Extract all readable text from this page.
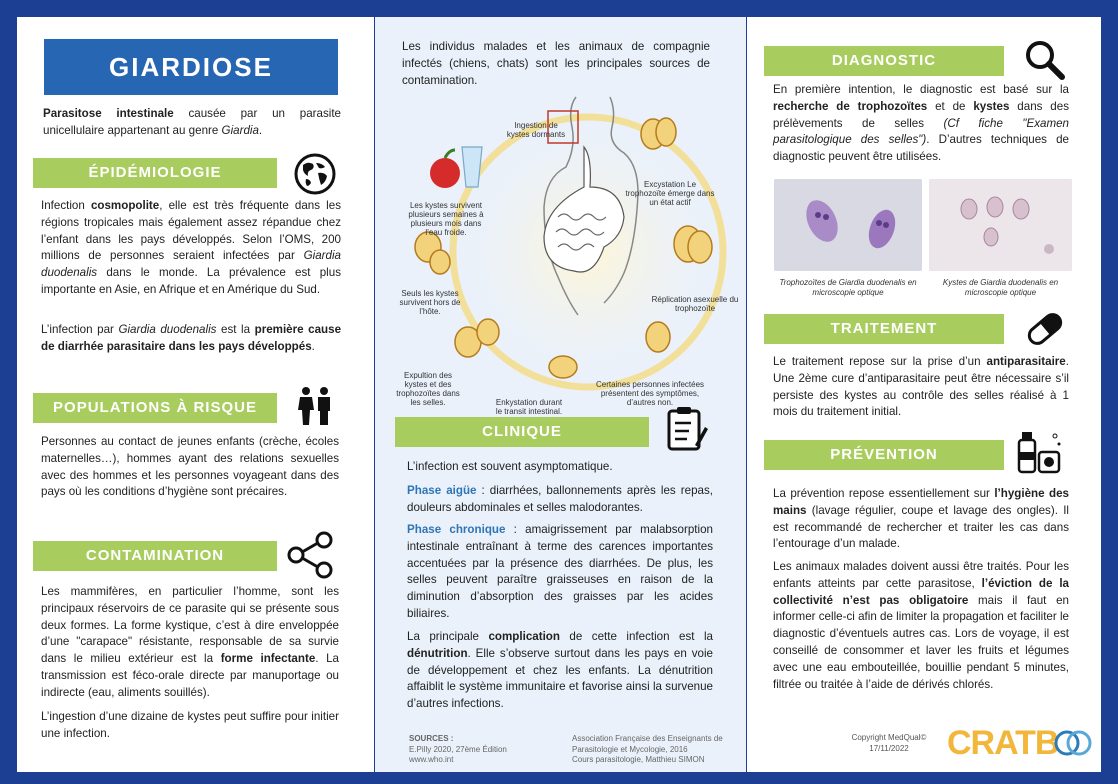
GIARDIOSE

Parasitose intestinale causée par un parasite unicellulaire appartenant au genre Giardia.

ÉPIDÉMIOLOGIE

Infection cosmopolite, elle est très fréquente dans les régions tropicales mais également assez répandue chez l’enfant dans les pays développés. Selon l’OMS, 200 millions de personnes seraient infectées par Giardia duodenalis dans le monde. La prévalence est plus importante en Asie, en Afrique et en Amérique du Sud.

L’infection par Giardia duodenalis est la première cause de diarrhée parasitaire dans les pays développés.

POPULATIONS À RISQUE

Personnes au contact de jeunes enfants (crèche, écoles maternelles…), hommes ayant des relations sexuelles avec des hommes et les personnes voyageant dans des pays où les conditions d’hygiène sont précaires.

CONTAMINATION

Les mammifères, en particulier l’homme, sont les principaux réservoirs de ce parasite qui se présente sous deux formes. La forme kystique, c’est à dire enveloppée d’une "carapace" résistante, responsable de sa survie dans le milieu extérieur est la forme infectante. La transmission est féco-orale directe par manuportage ou indirecte (eau, aliments souillés).

L’ingestion d’une dizaine de kystes peut suffire pour initier une infection.

Les individus malades et les animaux de compagnie infectés (chiens, chats) sont les principales sources de contamination.

Ingestion de kystes dormants
Excystation Le trophozoïte émerge dans un état actif
Réplication asexuelle du trophozoïte
Certaines personnes infectées présentent des symptômes, d’autres non.
Enkystation durant le transit intestinal.
Expultion des kystes et des trophozoïtes dans les selles.
Seuls les kystes survivent hors de l’hôte.
Les kystes survivent plusieurs semaines à plusieurs mois dans l’eau froide.
CLINIQUE

L’infection est souvent asymptomatique.

Phase aigüe : diarrhées, ballonnements après les repas, douleurs abdominales et selles malodorantes.

Phase chronique : amaigrissement par malabsorption intestinale entraînant à terme des carences importantes accentuées par la présence des diarrhées. De plus, les selles peuvent paraître graisseuses en raison de la diminution d’absorption des graisses par les acides biliaires.

La principale complication de cette infection est la dénutrition. Elle s’observe surtout dans les pays en voie de développement et chez les enfants. La dénutrition affaiblit le système immunitaire et favorise ainsi la survenue d’autres infections.

SOURCES :
E.Pilly 2020, 27ème Édition
www.who.int
Association Française des Enseignants de Parasitologie et Mycologie, 2016
Cours parasitologie, Matthieu SIMON
DIAGNOSTIC

En première intention, le diagnostic est basé sur la recherche de trophozoïtes et de kystes dans des prélèvements de selles (Cf fiche "Examen parasitologique des selles"). D’autres techniques de diagnostic peuvent être utilisées.

Trophozoïtes de Giardia duodenalis en microscopie optique
Kystes de Giardia duodenalis en microscopie optique
TRAITEMENT

Le traitement repose sur la prise d’un antiparasitaire. Une 2ème cure d’antiparasitaire peut être nécessaire s’il persiste des kystes au contrôle des selles réalisé à 1 mois du traitement initial.

PRÉVENTION

La prévention repose essentiellement sur l’hygiène des mains (lavage régulier, coupe et lavage des ongles). Il est recommandé de rechercher et traiter les cas dans l’entourage d’un malade.

Les animaux malades doivent aussi être traités. Pour les enfants atteints par cette parasitose, l’éviction de la collectivité n’est pas obligatoire mais il faut en informer celle-ci afin de limiter la propagation et faciliter le diagnostic d’éventuels autres cas. Lors de voyage, il est conseillé de consommer et laver les fruits et légumes avec une eau embouteillée, bouillie pendant 5 minutes, filtrée ou traitée à l’aide de dérivés chlorés.

Copyright MedQual©
17/11/2022	CRATB
